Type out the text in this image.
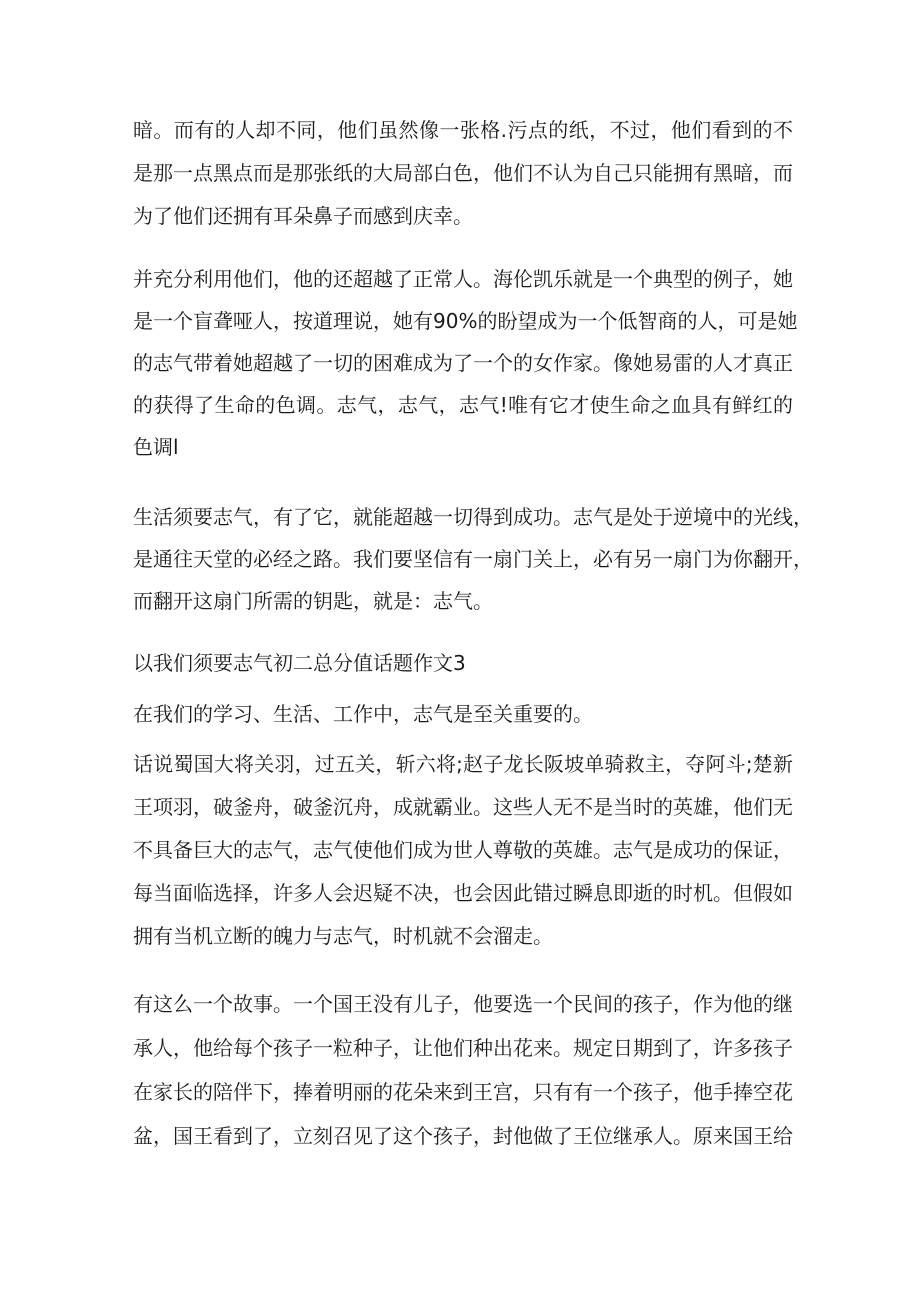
暗。而有的人却不同，他们虽然像一张格.污点的纸，不过，他们看到的不
是那一点黑点而是那张纸的大局部白色，他们不认为自己只能拥有黑暗，而
为了他们还拥有耳朵鼻子而感到庆幸。
并充分利用他们，他的还超越了正常人。海伦凯乐就是一个典型的例子，她
是一个盲聋哑人，按道理说，她有90%的盼望成为一个低智商的人，可是她
的志气带着她超越了一切的困难成为了一个的女作家。像她易雷的人才真正
的获得了生命的色调。志气，志气，志气!唯有它才使生命之血具有鲜红的
色调l
生活须要志气，有了它，就能超越一切得到成功。志气是处于逆境中的光线，
是通往天堂的必经之路。我们要坚信有一扇门关上，必有另一扇门为你翻开，
而翻开这扇门所需的钥匙，就是：志气。
以我们须要志气初二总分值话题作文3
在我们的学习、生活、工作中，志气是至关重要的。
话说蜀国大将关羽，过五关，斩六将;赵子龙长阪坡单骑救主，夺阿斗;楚新
王项羽，破釜舟，破釜沉舟，成就霸业。这些人无不是当时的英雄，他们无
不具备巨大的志气，志气使他们成为世人尊敬的英雄。志气是成功的保证，
每当面临选择，许多人会迟疑不决，也会因此错过瞬息即逝的时机。但假如
拥有当机立断的魄力与志气，时机就不会溜走。
有这么一个故事。一个国王没有儿子，他要选一个民间的孩子，作为他的继
承人，他给每个孩子一粒种子，让他们种出花来。规定日期到了，许多孩子
在家长的陪伴下，捧着明丽的花朵来到王宫，只有有一个孩子，他手捧空花
盆，国王看到了，立刻召见了这个孩子，封他做了王位继承人。原来国王给
